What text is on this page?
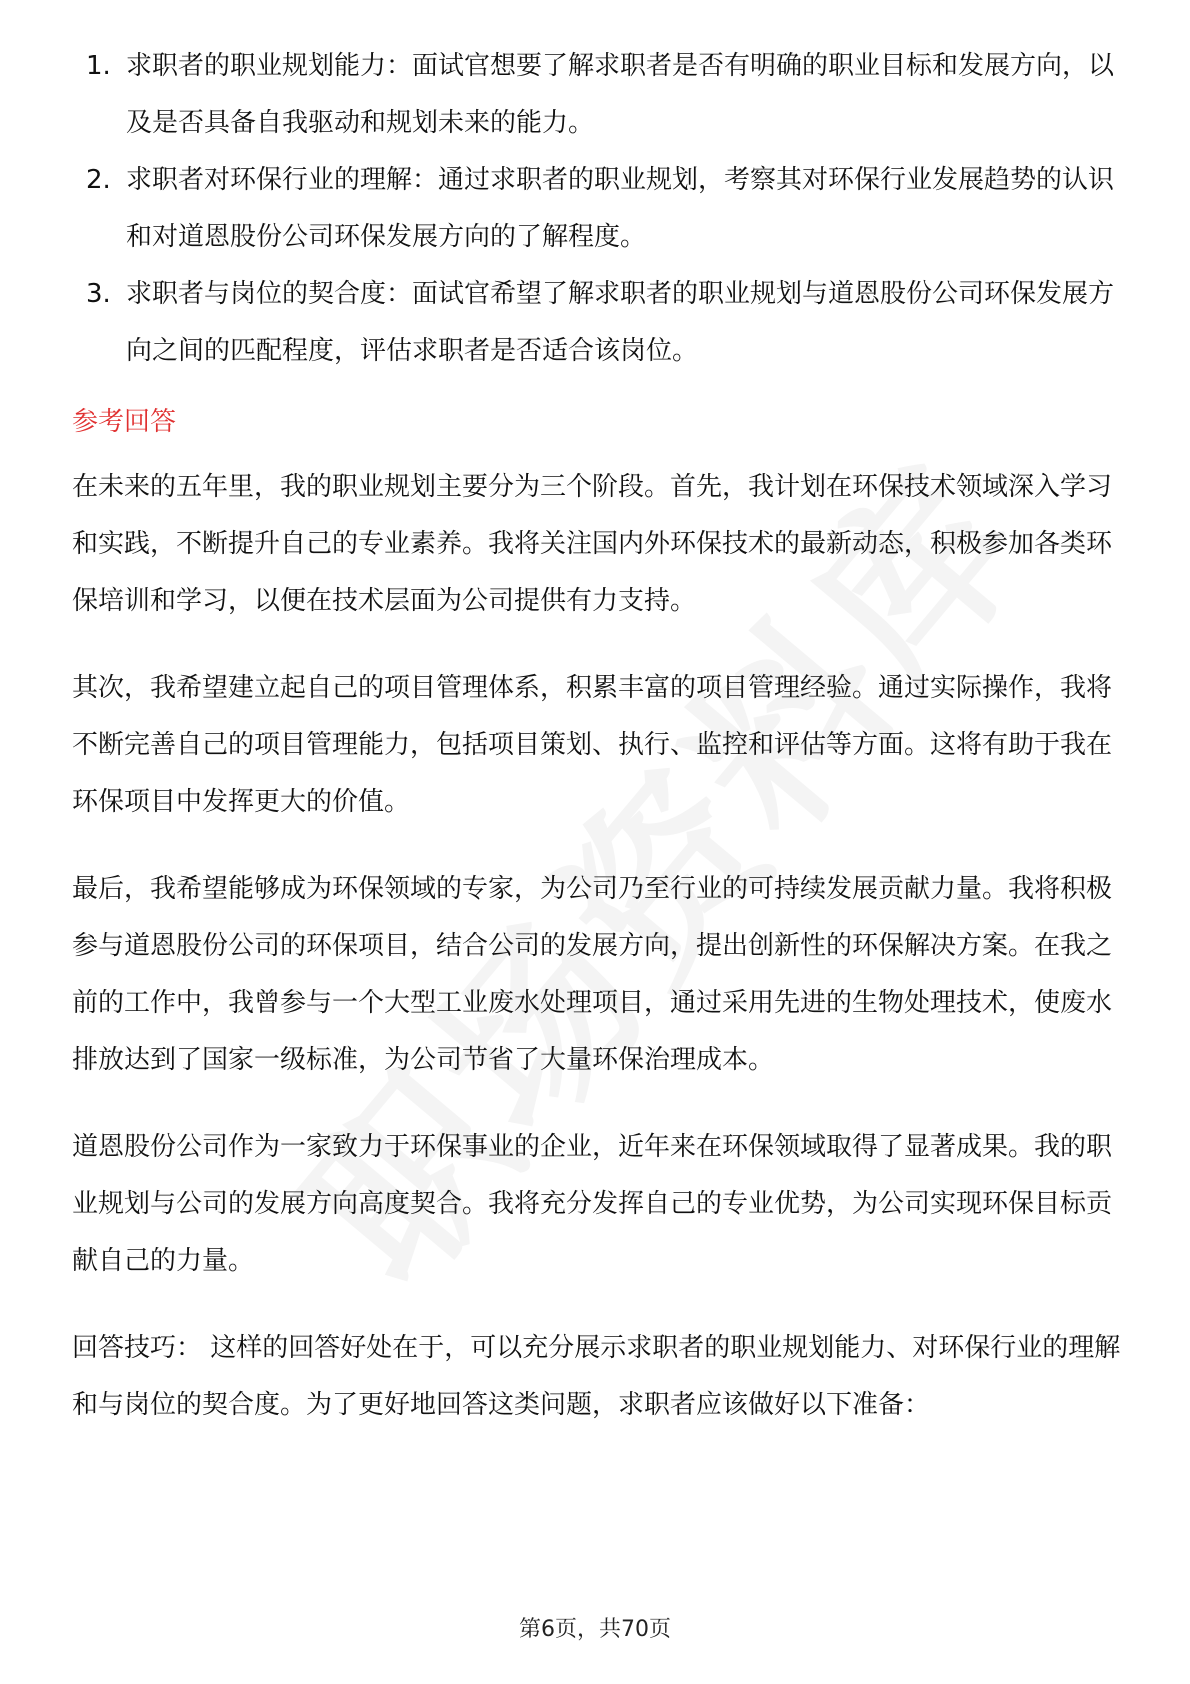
1. 求职者的职业规划能力：面试官想要了解求职者是否有明确的职业目标和发展方向，以及是否具备自我驱动和规划未来的能力。
2. 求职者对环保行业的理解：通过求职者的职业规划，考察其对环保行业发展趋势的认识和对道恩股份公司环保发展方向的了解程度。
3. 求职者与岗位的契合度：面试官希望了解求职者的职业规划与道恩股份公司环保发展方向之间的匹配程度，评估求职者是否适合该岗位。
参考回答

在未来的五年里，我的职业规划主要分为三个阶段。首先，我计划在环保技术领域深入学习和实践，不断提升自己的专业素养。我将关注国内外环保技术的最新动态，积极参加各类环保培训和学习，以便在技术层面为公司提供有力支持。

其次，我希望建立起自己的项目管理体系，积累丰富的项目管理经验。通过实际操作，我将不断完善自己的项目管理能力，包括项目策划、执行、监控和评估等方面。这将有助于我在环保项目中发挥更大的价值。

最后，我希望能够成为环保领域的专家，为公司乃至行业的可持续发展贡献力量。我将积极参与道恩股份公司的环保项目，结合公司的发展方向，提出创新性的环保解决方案。在我之前的工作中，我曾参与一个大型工业废水处理项目，通过采用先进的生物处理技术，使废水排放达到了国家一级标准，为公司节省了大量环保治理成本。

道恩股份公司作为一家致力于环保事业的企业，近年来在环保领域取得了显著成果。我的职业规划与公司的发展方向高度契合。我将充分发挥自己的专业优势，为公司实现环保目标贡献自己的力量。

回答技巧： 这样的回答好处在于，可以充分展示求职者的职业规划能力、对环保行业的理解和与岗位的契合度。为了更好地回答这类问题，求职者应该做好以下准备：

第6页，共70页
